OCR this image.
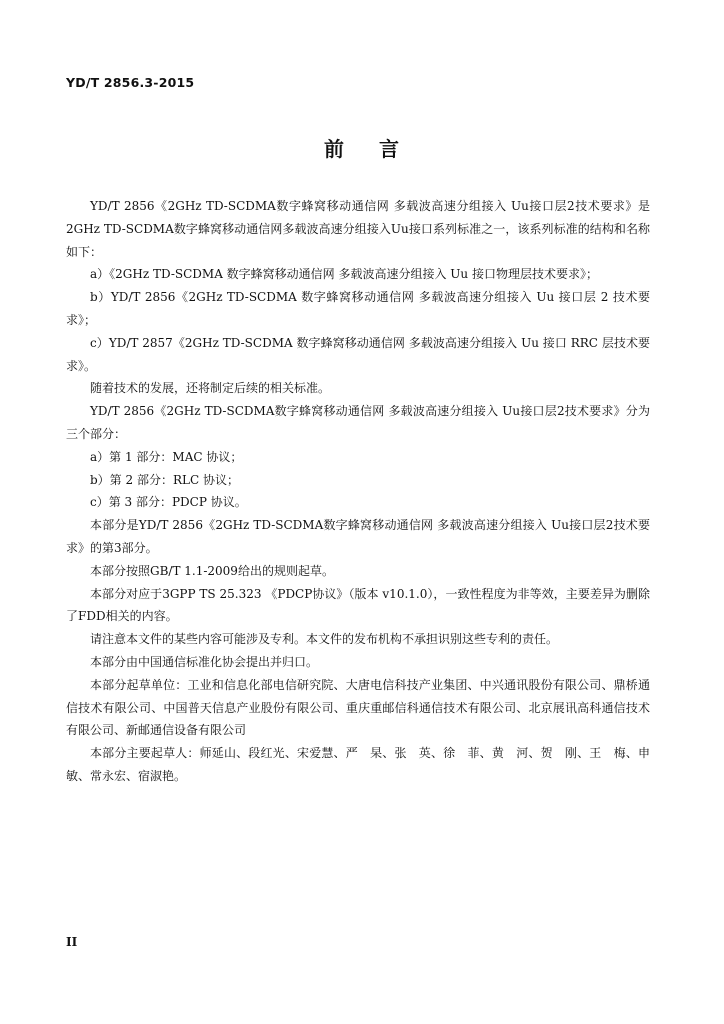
YD/T 2856.3-2015
前 言

YD/T 2856《2GHz TD-SCDMA数字蜂窝移动通信网 多载波高速分组接入 Uu接口层2技术要求》是2GHz TD-SCDMA数字蜂窝移动通信网多载波高速分组接入Uu接口系列标准之一，该系列标准的结构和名称如下：

a）《2GHz TD-SCDMA 数字蜂窝移动通信网 多载波高速分组接入 Uu 接口物理层技术要求》；

b）YD/T 2856《2GHz TD-SCDMA 数字蜂窝移动通信网 多载波高速分组接入 Uu 接口层 2 技术要求》；

c）YD/T 2857《2GHz TD-SCDMA 数字蜂窝移动通信网 多载波高速分组接入 Uu 接口 RRC 层技术要求》。

随着技术的发展，还将制定后续的相关标准。

YD/T 2856《2GHz TD-SCDMA数字蜂窝移动通信网 多载波高速分组接入 Uu接口层2技术要求》分为三个部分：

a）第 1 部分：MAC 协议；

b）第 2 部分：RLC 协议；

c）第 3 部分：PDCP 协议。

本部分是YD/T 2856《2GHz TD-SCDMA数字蜂窝移动通信网 多载波高速分组接入 Uu接口层2技术要求》的第3部分。

本部分按照GB/T 1.1-2009给出的规则起草。

本部分对应于3GPP TS 25.323 《PDCP协议》（版本 v10.1.0），一致性程度为非等效，主要差异为删除了FDD相关的内容。

请注意本文件的某些内容可能涉及专利。本文件的发布机构不承担识别这些专利的责任。

本部分由中国通信标准化协会提出并归口。

本部分起草单位：工业和信息化部电信研究院、大唐电信科技产业集团、中兴通讯股份有限公司、鼎桥通信技术有限公司、中国普天信息产业股份有限公司、重庆重邮信科通信技术有限公司、北京展讯高科通信技术有限公司、新邮通信设备有限公司

本部分主要起草人：师延山、段红光、宋爱慧、严　杲、张　英、徐　菲、黄　河、贺　刚、王　梅、申　敏、常永宏、宿淑艳。

II
